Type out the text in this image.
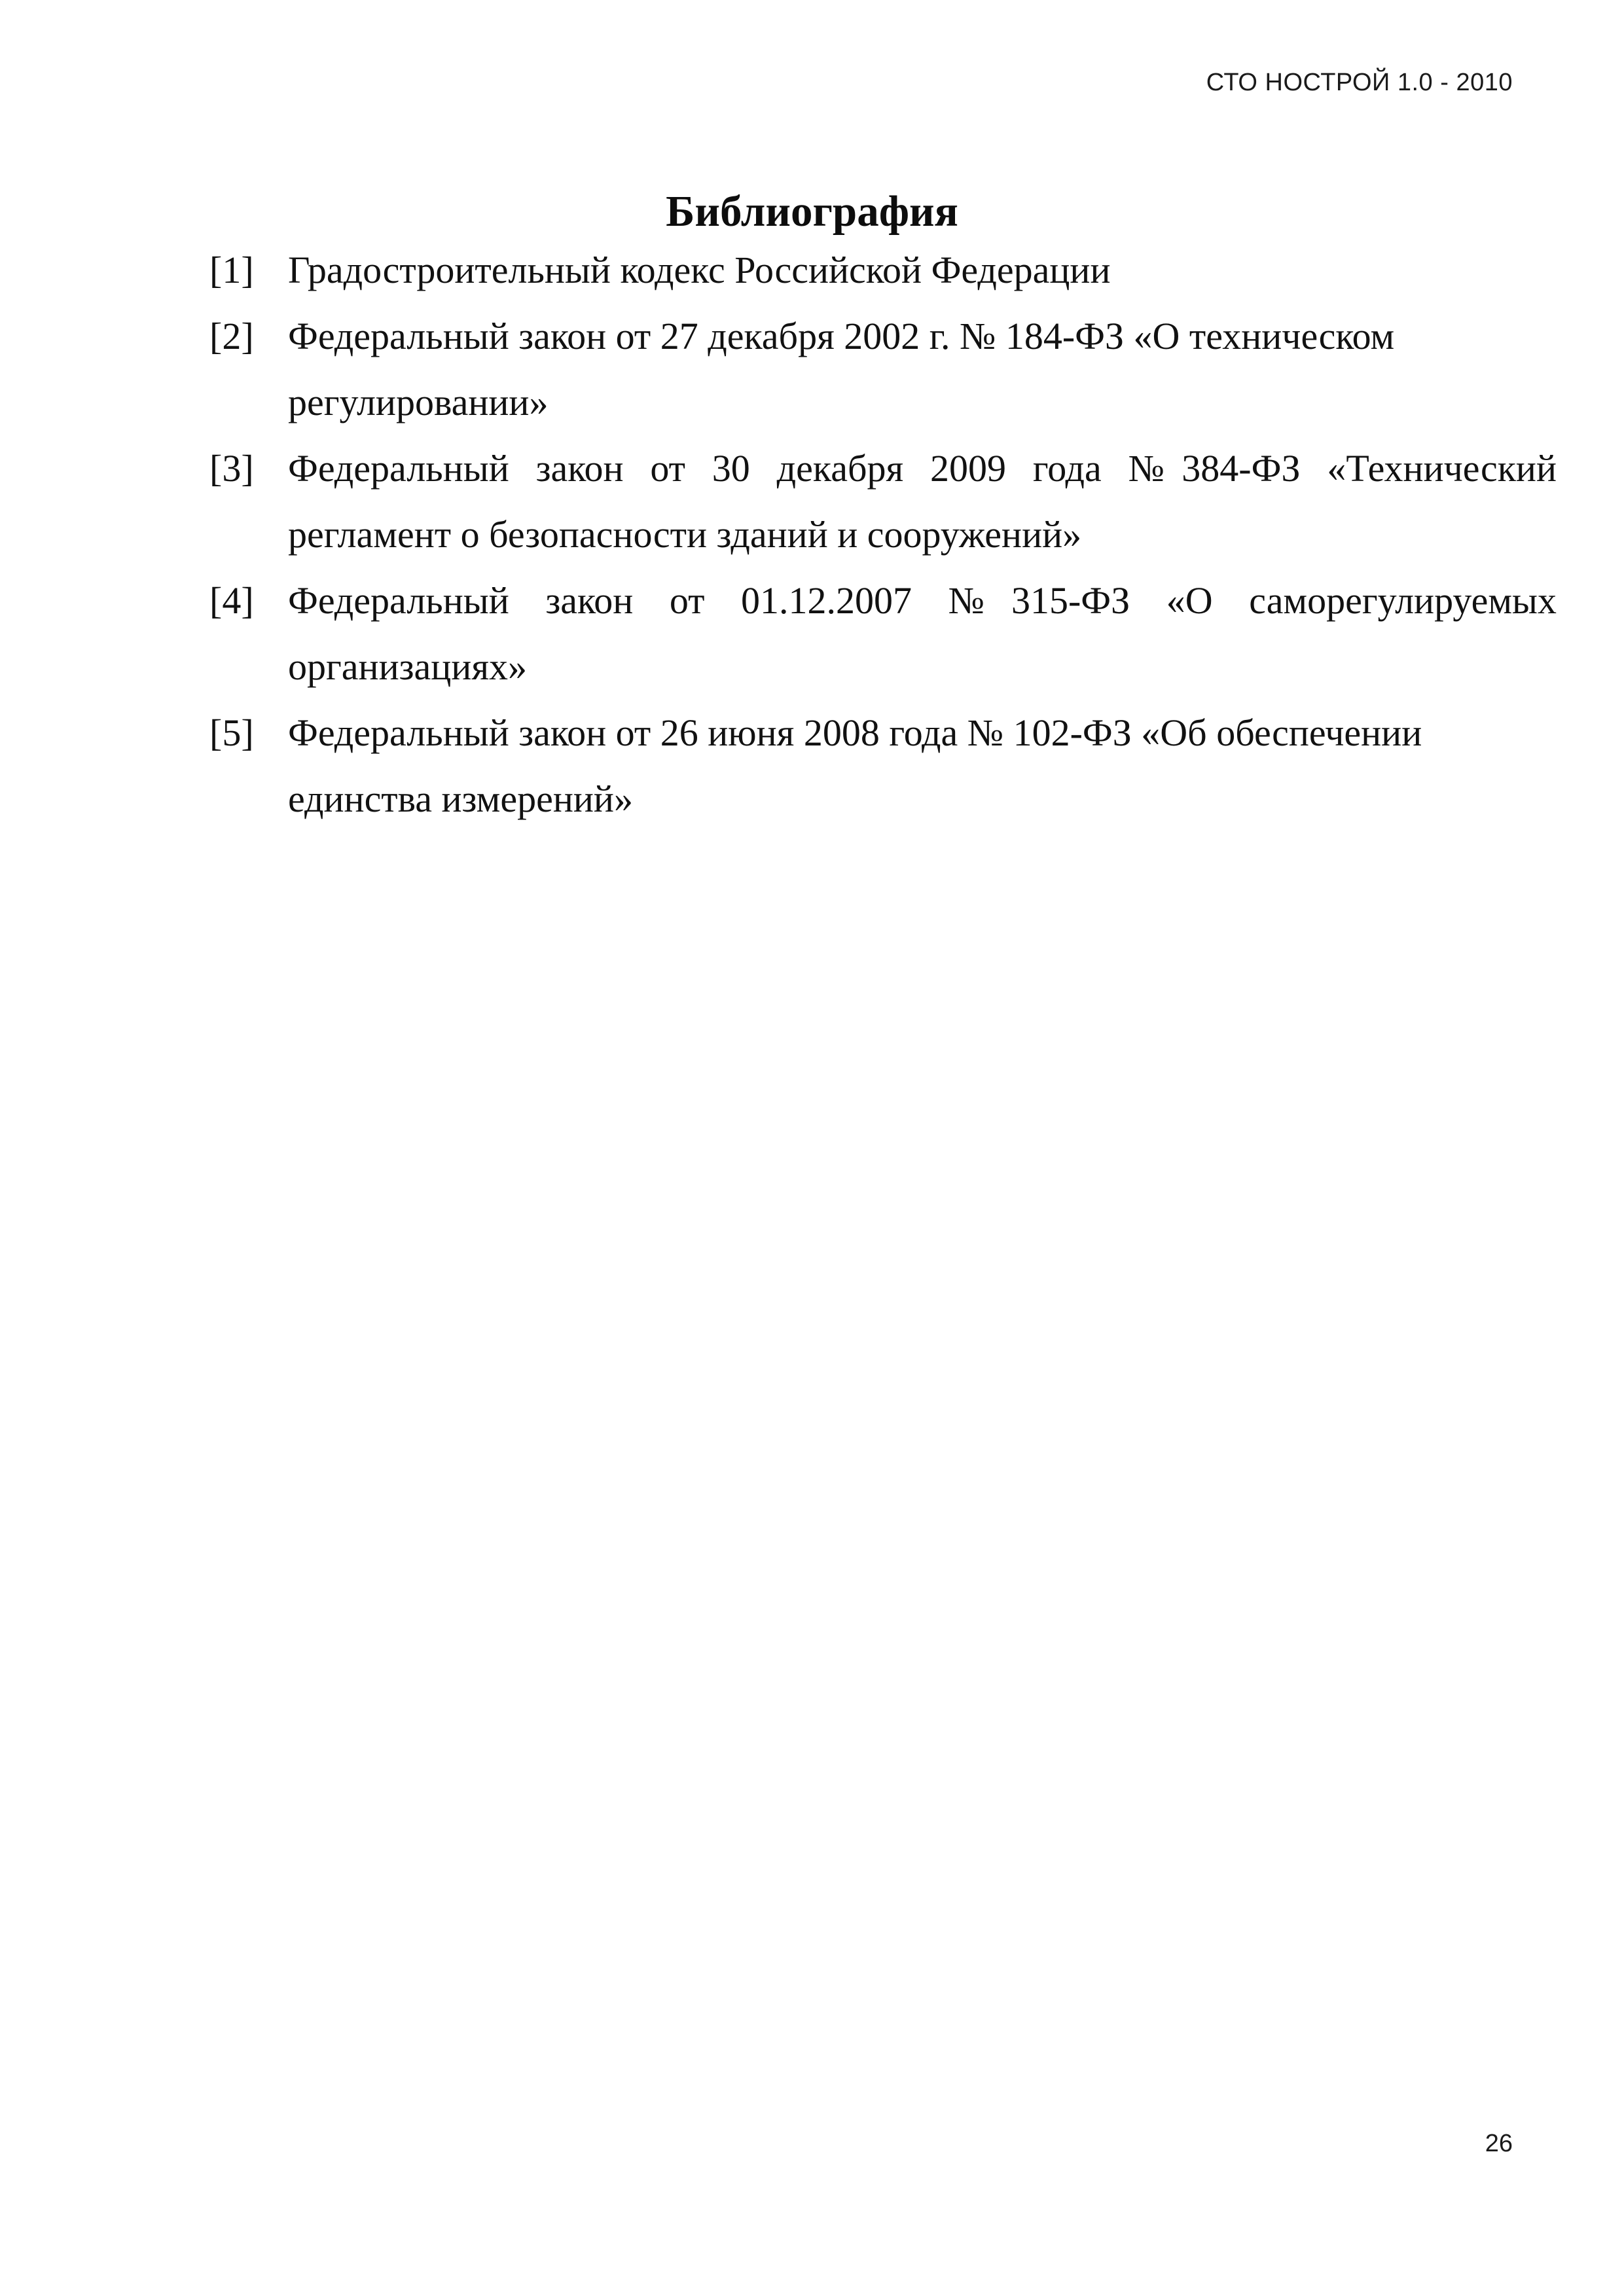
СТО НОСТРОЙ 1.0 - 2010
Библиография
[1] Градостроительный кодекс Российской Федерации
[2] Федеральный закон от 27 декабря 2002 г. № 184-ФЗ «О техническом регулировании»
[3] Федеральный закон от 30 декабря 2009 года №384-ФЗ «Технический регламент о безопасности зданий и сооружений»
[4] Федеральный закон от 01.12.2007 №315-ФЗ «О саморегулируемых организациях»
[5] Федеральный закон от 26 июня 2008 года № 102-ФЗ «Об обеспечении единства измерений»
26
